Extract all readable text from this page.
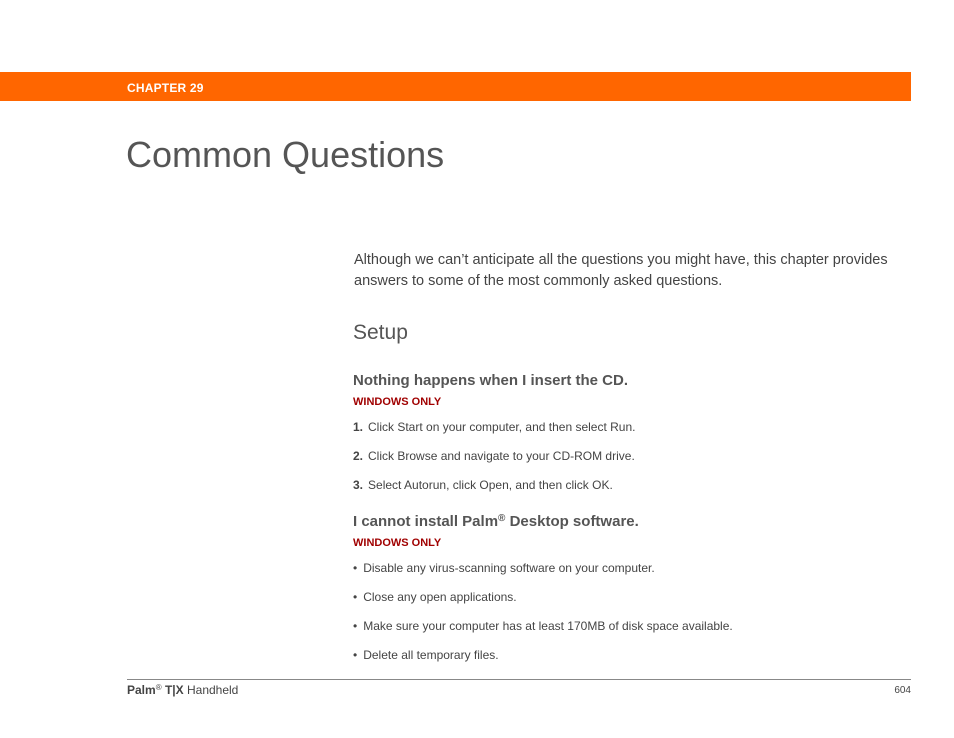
CHAPTER 29
Common Questions

Although we can’t anticipate all the questions you might have, this chapter provides answers to some of the most commonly asked questions.

Setup
Nothing happens when I insert the CD.
WINDOWS ONLY
1. Click Start on your computer, and then select Run.
2. Click Browse and navigate to your CD-ROM drive.
3. Select Autorun, click Open, and then click OK.
I cannot install Palm® Desktop software.
WINDOWS ONLY
• Disable any virus-scanning software on your computer.
• Close any open applications.
• Make sure your computer has at least 170MB of disk space available.
• Delete all temporary files.
Palm® T|X Handheld	604
